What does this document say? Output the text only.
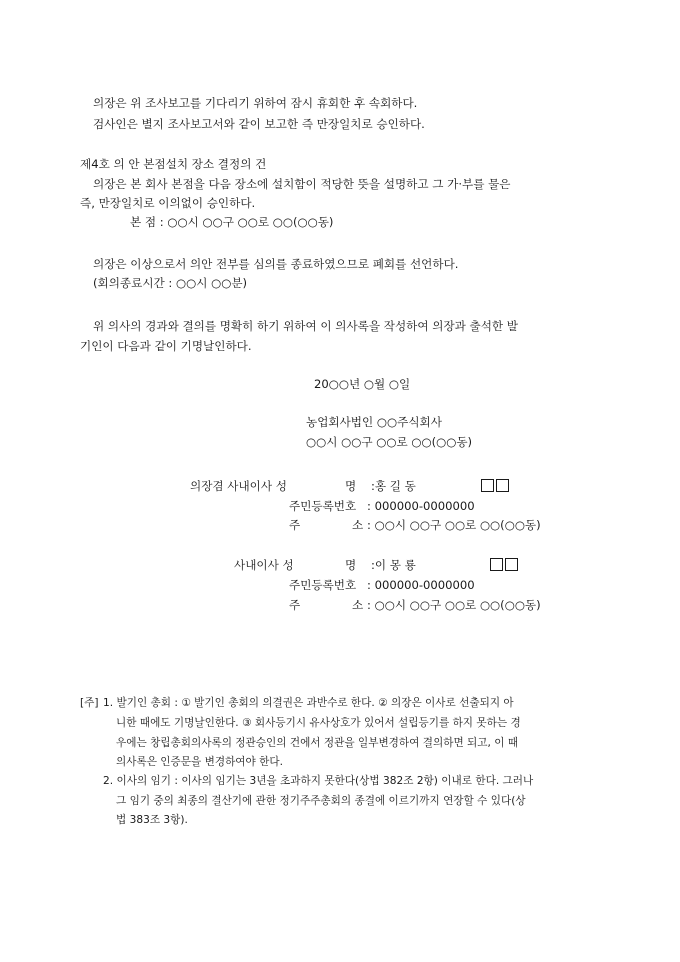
의장은 위 조사보고를 기다리기 위하여 잠시 휴회한 후 속회하다.
검사인은 별지 조사보고서와 같이 보고한 즉 만장일치로 승인하다.
제4호 의 안 본점설치 장소 결정의 건
의장은 본 회사 본점을 다음 장소에 설치함이 적당한 뜻을 설명하고 그 가·부를 물은
즉, 만장일치로 이의없이 승인하다.
본 점 : ○○시 ○○구 ○○로 ○○(○○동)
의장은 이상으로서 의안 전부를 심의를 종료하였으므로 폐회를 선언하다.
(회의종료시간 : ○○시 ○○분)
위 의사의 경과와 결의를 명확히 하기 위하여 이 의사록을 작성하여 의장과 출석한 발
기인이 다음과 같이 기명날인하다.
20○○년 ○월 ○일
농업회사법인 ○○주식회사
○○시 ○○구 ○○로 ○○(○○동)
의장겸 사내이사 성	명 :홍 길 동
주민등록번호 : 000000-0000000
주	소 : ○○시 ○○구 ○○로 ○○(○○동)
사내이사 성	명 :이 몽 룡
주민등록번호 : 000000-0000000
주	소 : ○○시 ○○구 ○○로 ○○(○○동)
[주] 1. 발기인 총회 : ① 발기인 총회의 의결권은 과반수로 한다. ② 의장은 이사로 선출되지 아
니한 때에도 기명날인한다. ③ 회사등기시 유사상호가 있어서 설립등기를 하지 못하는 경
우에는 창립총회의사록의 정관승인의 건에서 정관을 일부변경하여 결의하면 되고, 이 때
의사록은 인증문을 변경하여야 한다.
2. 이사의 임기 : 이사의 임기는 3년을 초과하지 못한다(상법 382조 2항) 이내로 한다. 그러나
그 임기 중의 최종의 결산기에 관한 정기주주총회의 종결에 이르기까지 연장할 수 있다(상
법 383조 3항).
